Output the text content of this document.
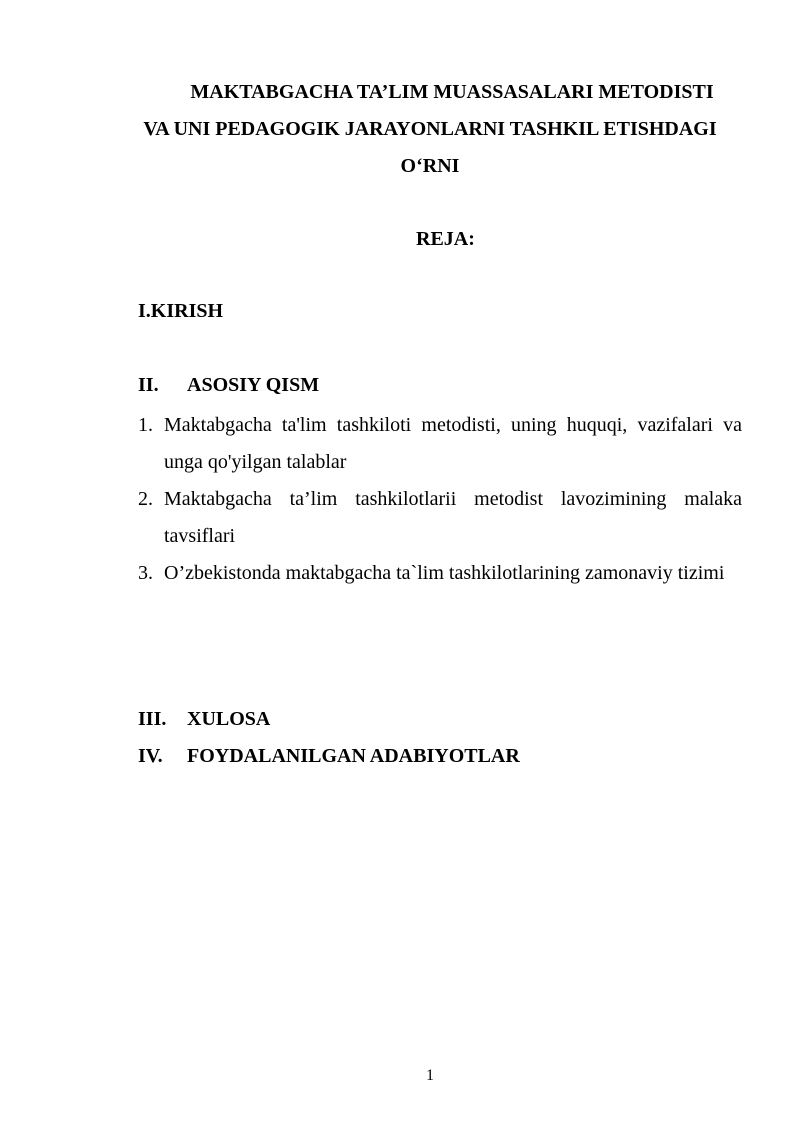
MAKTABGACHA TA’LIM MUASSASALARI METODISTI
VA UNI PEDAGOGIK JARAYONLARNI TASHKIL ETISHDAGI
O‘RNI
REJA:
I.KIRISH
II. ASOSIY QISM
1. Maktabgacha ta'lim tashkiloti metodisti, uning huquqi, vazifalari va unga qo'yilgan talablar
2. Maktabgacha ta’lim tashkilotlarii metodist lavozimining malaka tavsiflari
3. O’zbekistonda maktabgacha ta`lim tashkilotlarining zamonaviy tizimi
III. XULOSA
IV. FOYDALANILGAN ADABIYOTLAR
1
